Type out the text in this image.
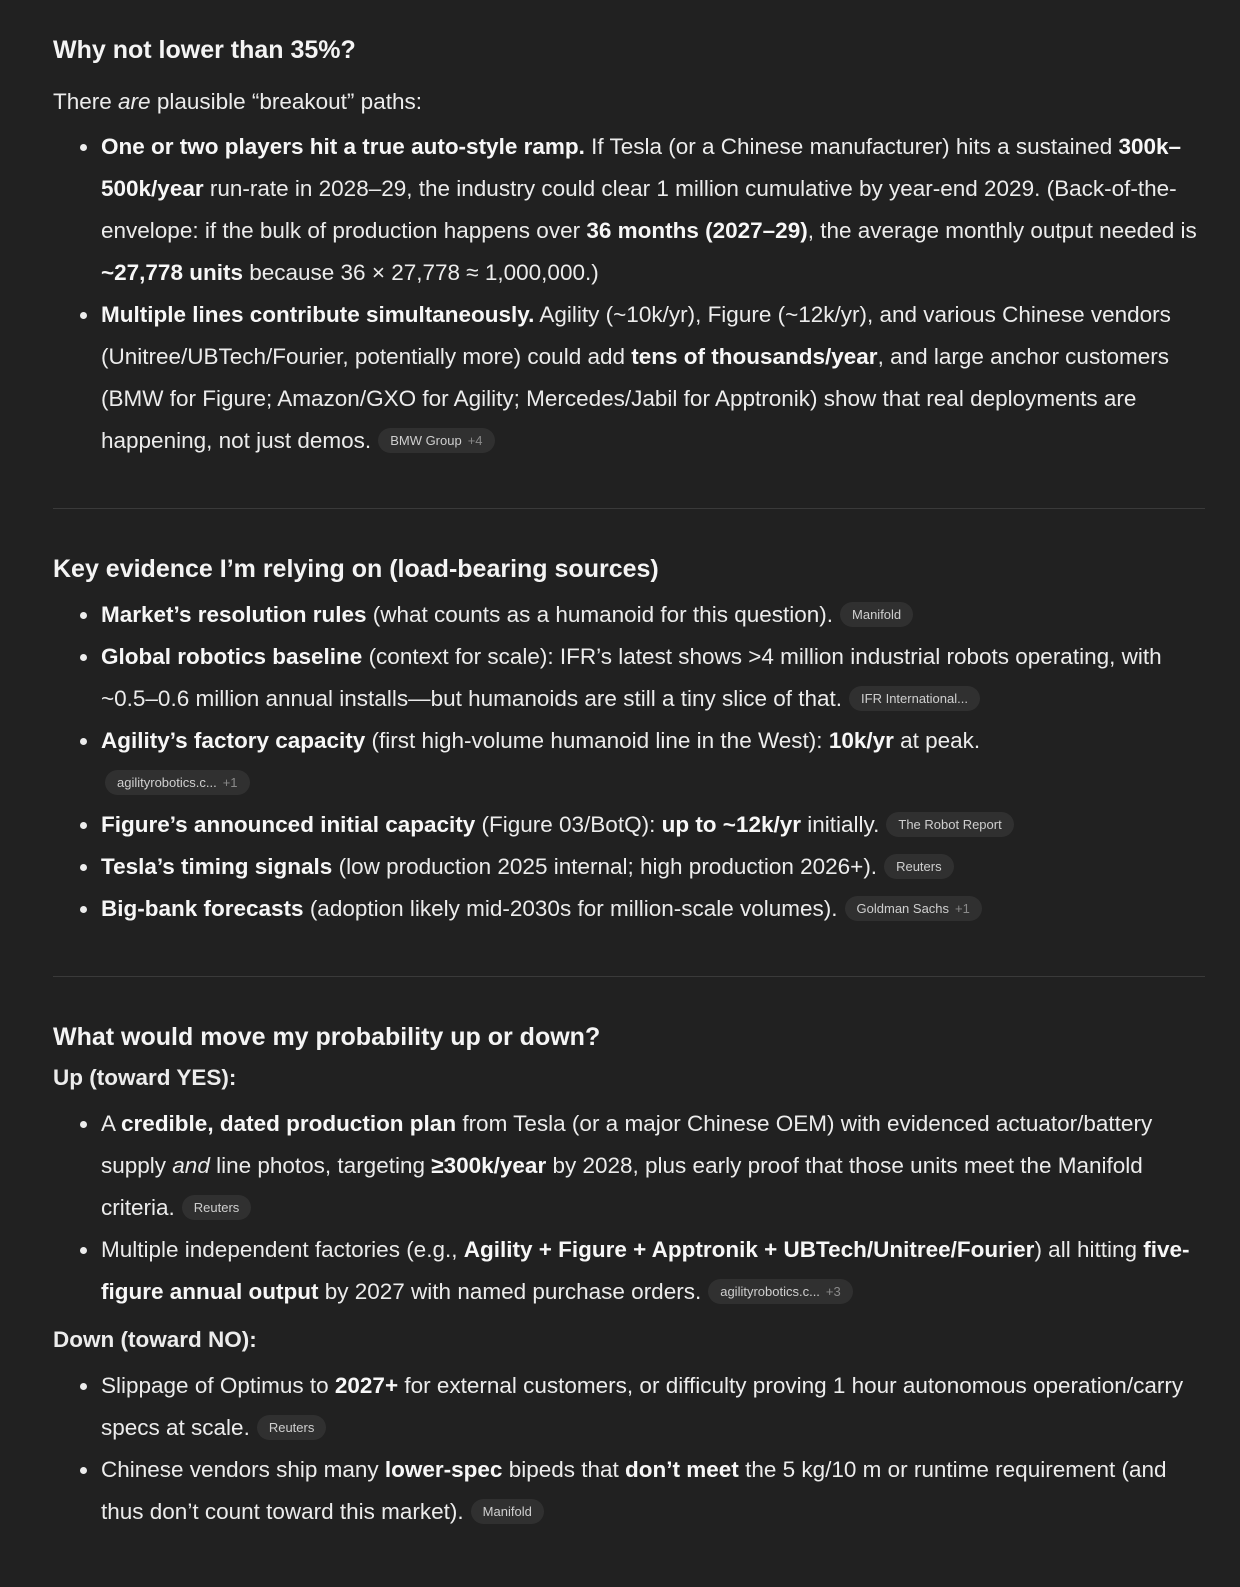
Why not lower than 35%?

There are plausible “breakout” paths:

• One or two players hit a true auto-style ramp. If Tesla (or a Chinese manufacturer) hits a sustained 300k–500k/year run-rate in 2028–29, the industry could clear 1 million cumulative by year-end 2029. (Back-of-the-envelope: if the bulk of production happens over 36 months (2027–29), the average monthly output needed is ~27,778 units because 36 × 27,778 ≈ 1,000,000.)
• Multiple lines contribute simultaneously. Agility (~10k/yr), Figure (~12k/yr), and various Chinese vendors (Unitree/UBTech/Fourier, potentially more) could add tens of thousands/year, and large anchor customers (BMW for Figure; Amazon/GXO for Agility; Mercedes/Jabil for Apptronik) show that real deployments are happening, not just demos. BMW Group +4
Key evidence I’m relying on (load-bearing sources)
• Market’s resolution rules (what counts as a humanoid for this question). Manifold
• Global robotics baseline (context for scale): IFR’s latest shows >4 million industrial robots operating, with ~0.5–0.6 million annual installs—but humanoids are still a tiny slice of that. IFR International...
• Agility’s factory capacity (first high-volume humanoid line in the West): 10k/yr at peak.
agilityrobotics.c... +1
• Figure’s announced initial capacity (Figure 03/BotQ): up to ~12k/yr initially. The Robot Report
• Tesla’s timing signals (low production 2025 internal; high production 2026+). Reuters
• Big-bank forecasts (adoption likely mid-2030s for million-scale volumes). Goldman Sachs +1
What would move my probability up or down?

Up (toward YES):

• A credible, dated production plan from Tesla (or a major Chinese OEM) with evidenced actuator/battery supply and line photos, targeting ≥300k/year by 2028, plus early proof that those units meet the Manifold criteria. Reuters
• Multiple independent factories (e.g., Agility + Figure + Apptronik + UBTech/Unitree/Fourier) all hitting five-figure annual output by 2027 with named purchase orders. agilityrobotics.c... +3

Down (toward NO):

• Slippage of Optimus to 2027+ for external customers, or difficulty proving 1 hour autonomous operation/carry specs at scale. Reuters
• Chinese vendors ship many lower-spec bipeds that don’t meet the 5 kg/10 m or runtime requirement (and thus don’t count toward this market). Manifold
